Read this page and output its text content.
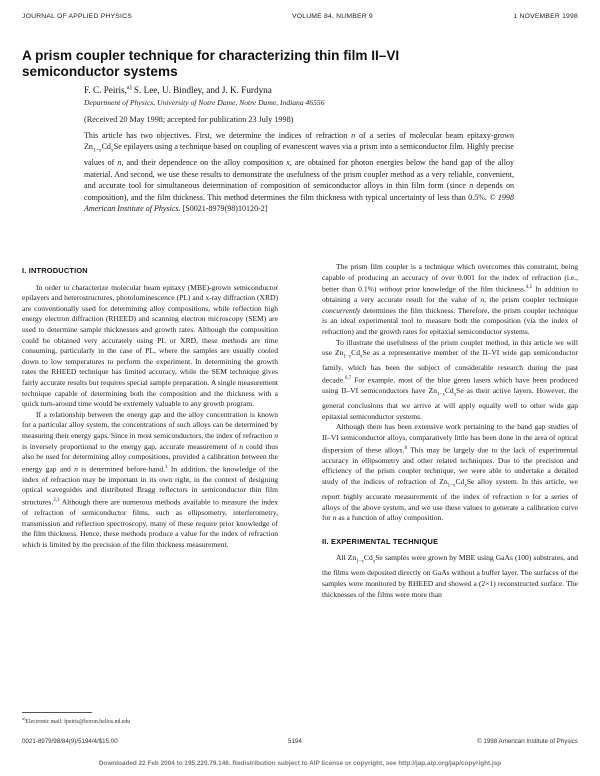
JOURNAL OF APPLIED PHYSICS	VOLUME 84, NUMBER 9	1 NOVEMBER 1998
A prism coupler technique for characterizing thin film II–VI
semiconductor systems
F. C. Peiris,$^{a)}$ S. Lee, U. Bindley, and J. K. Furdyna
Department of Physics, University of Notre Dame, Notre Dame, Indiana 46556
(Received 20 May 1998; accepted for publication 23 July 1998)
This article has two objectives. First, we determine the indices of refraction n of a series of molecular beam epitaxy-grown $Zn_{1-x}Cd_xSe$ epilayers using a technique based on coupling of evanescent waves via a prism into a semiconductor film. Highly precise values of n, and their dependence on the alloy composition x, are obtained for photon energies below the band gap of the alloy material. And second, we use these results to demonstrate the usefulness of the prism coupler method as a very reliable, convenient, and accurate tool for simultaneous determination of composition of semiconductor alloys in thin film form (since n depends on composition), and the film thickness. This method determines the film thickness with typical uncertainty of less than 0.5%. © 1998 American Institute of Physics. [S0021-8979(98)10120-2]
I. INTRODUCTION

In order to characterize molecular beam epitaxy (MBE)-grown semiconductor epilayers and heterostructures, photoluminescence (PL) and x-ray diffraction (XRD) are conventionally used for determining alloy compositions, while reflection high energy electron diffraction (RHEED) and scanning electron microscopy (SEM) are used to determine sample thicknesses and growth rates. Although the composition could be obtained very accurately using PL or XRD, these methods are time consuming, particularly in the case of PL, where the samples are usually cooled down to low temperatures to perform the experiment. In determining the growth rates the RHEED technique has limited accuracy, while the SEM technique gives fairly accurate results but requires special sample preparation. A single measurement technique capable of determining both the composition and the thickness with a quick turn-around time would be extremely valuable to any growth program.

If a relationship between the energy gap and the alloy concentration is known for a particular alloy system, the concentrations of such alloys can be determined by measuring their energy gaps. Since in most semiconductors, the index of refraction n is inversely proportional to the energy gap, accurate measurement of n could thus also be used for determining alloy compositions, provided a calibration between the energy gap and n is determined before-hand.$^1$ In addition, the knowledge of the index of refraction may be important in its own right, in the context of designing optical waveguides and distributed Bragg reflectors in semiconductor thin film structures.$^{2,3}$ Although there are numerous methods available to measure the index of refraction of semiconductor films, such as ellipsometry, interferometry, transmission and reflection spectroscopy, many of these require prior knowledge of the film thickness. Hence, these methods produce a value for the index of refraction which is limited by the precision of the film thickness measurement.

The prism film coupler is a technique which overcomes this constraint, being capable of producing an accuracy of over 0.001 for the index of refraction (i.e., better than 0.1%) without prior knowledge of the film thickness.$^{4,5}$ In addition to obtaining a very accurate result for the value of n, the prism coupler technique concurrently determines the film thickness. Therefore, the prism coupler technique is an ideal experimental tool to measure both the composition (via the index of refraction) and the growth rates for epitaxial semiconductor systems.

To illustrate the usefulness of the prism coupler method, in this article we will use $Zn_{1-x}Cd_xSe$ as a representative member of the II–VI wide gap semiconductor family, which has been the subject of considerable research during the past decade.$^{6,7}$ For example, most of the blue green lasers which have been produced using II–VI semiconductors have $Zn_{1-x}Cd_xSe$ as their active layers. However, the general conclusions that we arrive at will apply equally well to other wide gap epitaxial semiconductor systems.

Although there has been extensive work pertaining to the band gap studies of II–VI semiconductor alloys, comparatively little has been done in the area of optical dispersion of these alloys.$^8$ This may be largely due to the lack of experimental accuracy in ellipsometry and other related techniques. Due to the precision and efficiency of the prism coupler technique, we were able to undertake a detailed study of the indices of refraction of $Zn_{1-x}Cd_xSe$ alloy system. In this article, we report highly accurate measurements of the index of refraction n for a series of alloys of the above system, and we use these values to generate a calibration curve for n as a function of alloy composition.

II. EXPERIMENTAL TECHNIQUE

All $Zn_{1-x}Cd_xSe$ samples were grown by MBE using GaAs (100) substrates, and the films were deposited directly on GaAs without a buffer layer. The surfaces of the samples were monitored by RHEED and showed a (2×1) reconstructed surface. The thicknesses of the films were more than

$^{a)}$Electronic mail: fpeiris@boron.helios.nd.edu
0021-8979/98/84(9)/5194/4/$15.00	5194	© 1998 American Institute of Physics
Downloaded 22 Feb 2004 to 195.220.79.146. Redistribution subject to AIP license or copyright, see http://jap.aip.org/jap/copyright.jsp
